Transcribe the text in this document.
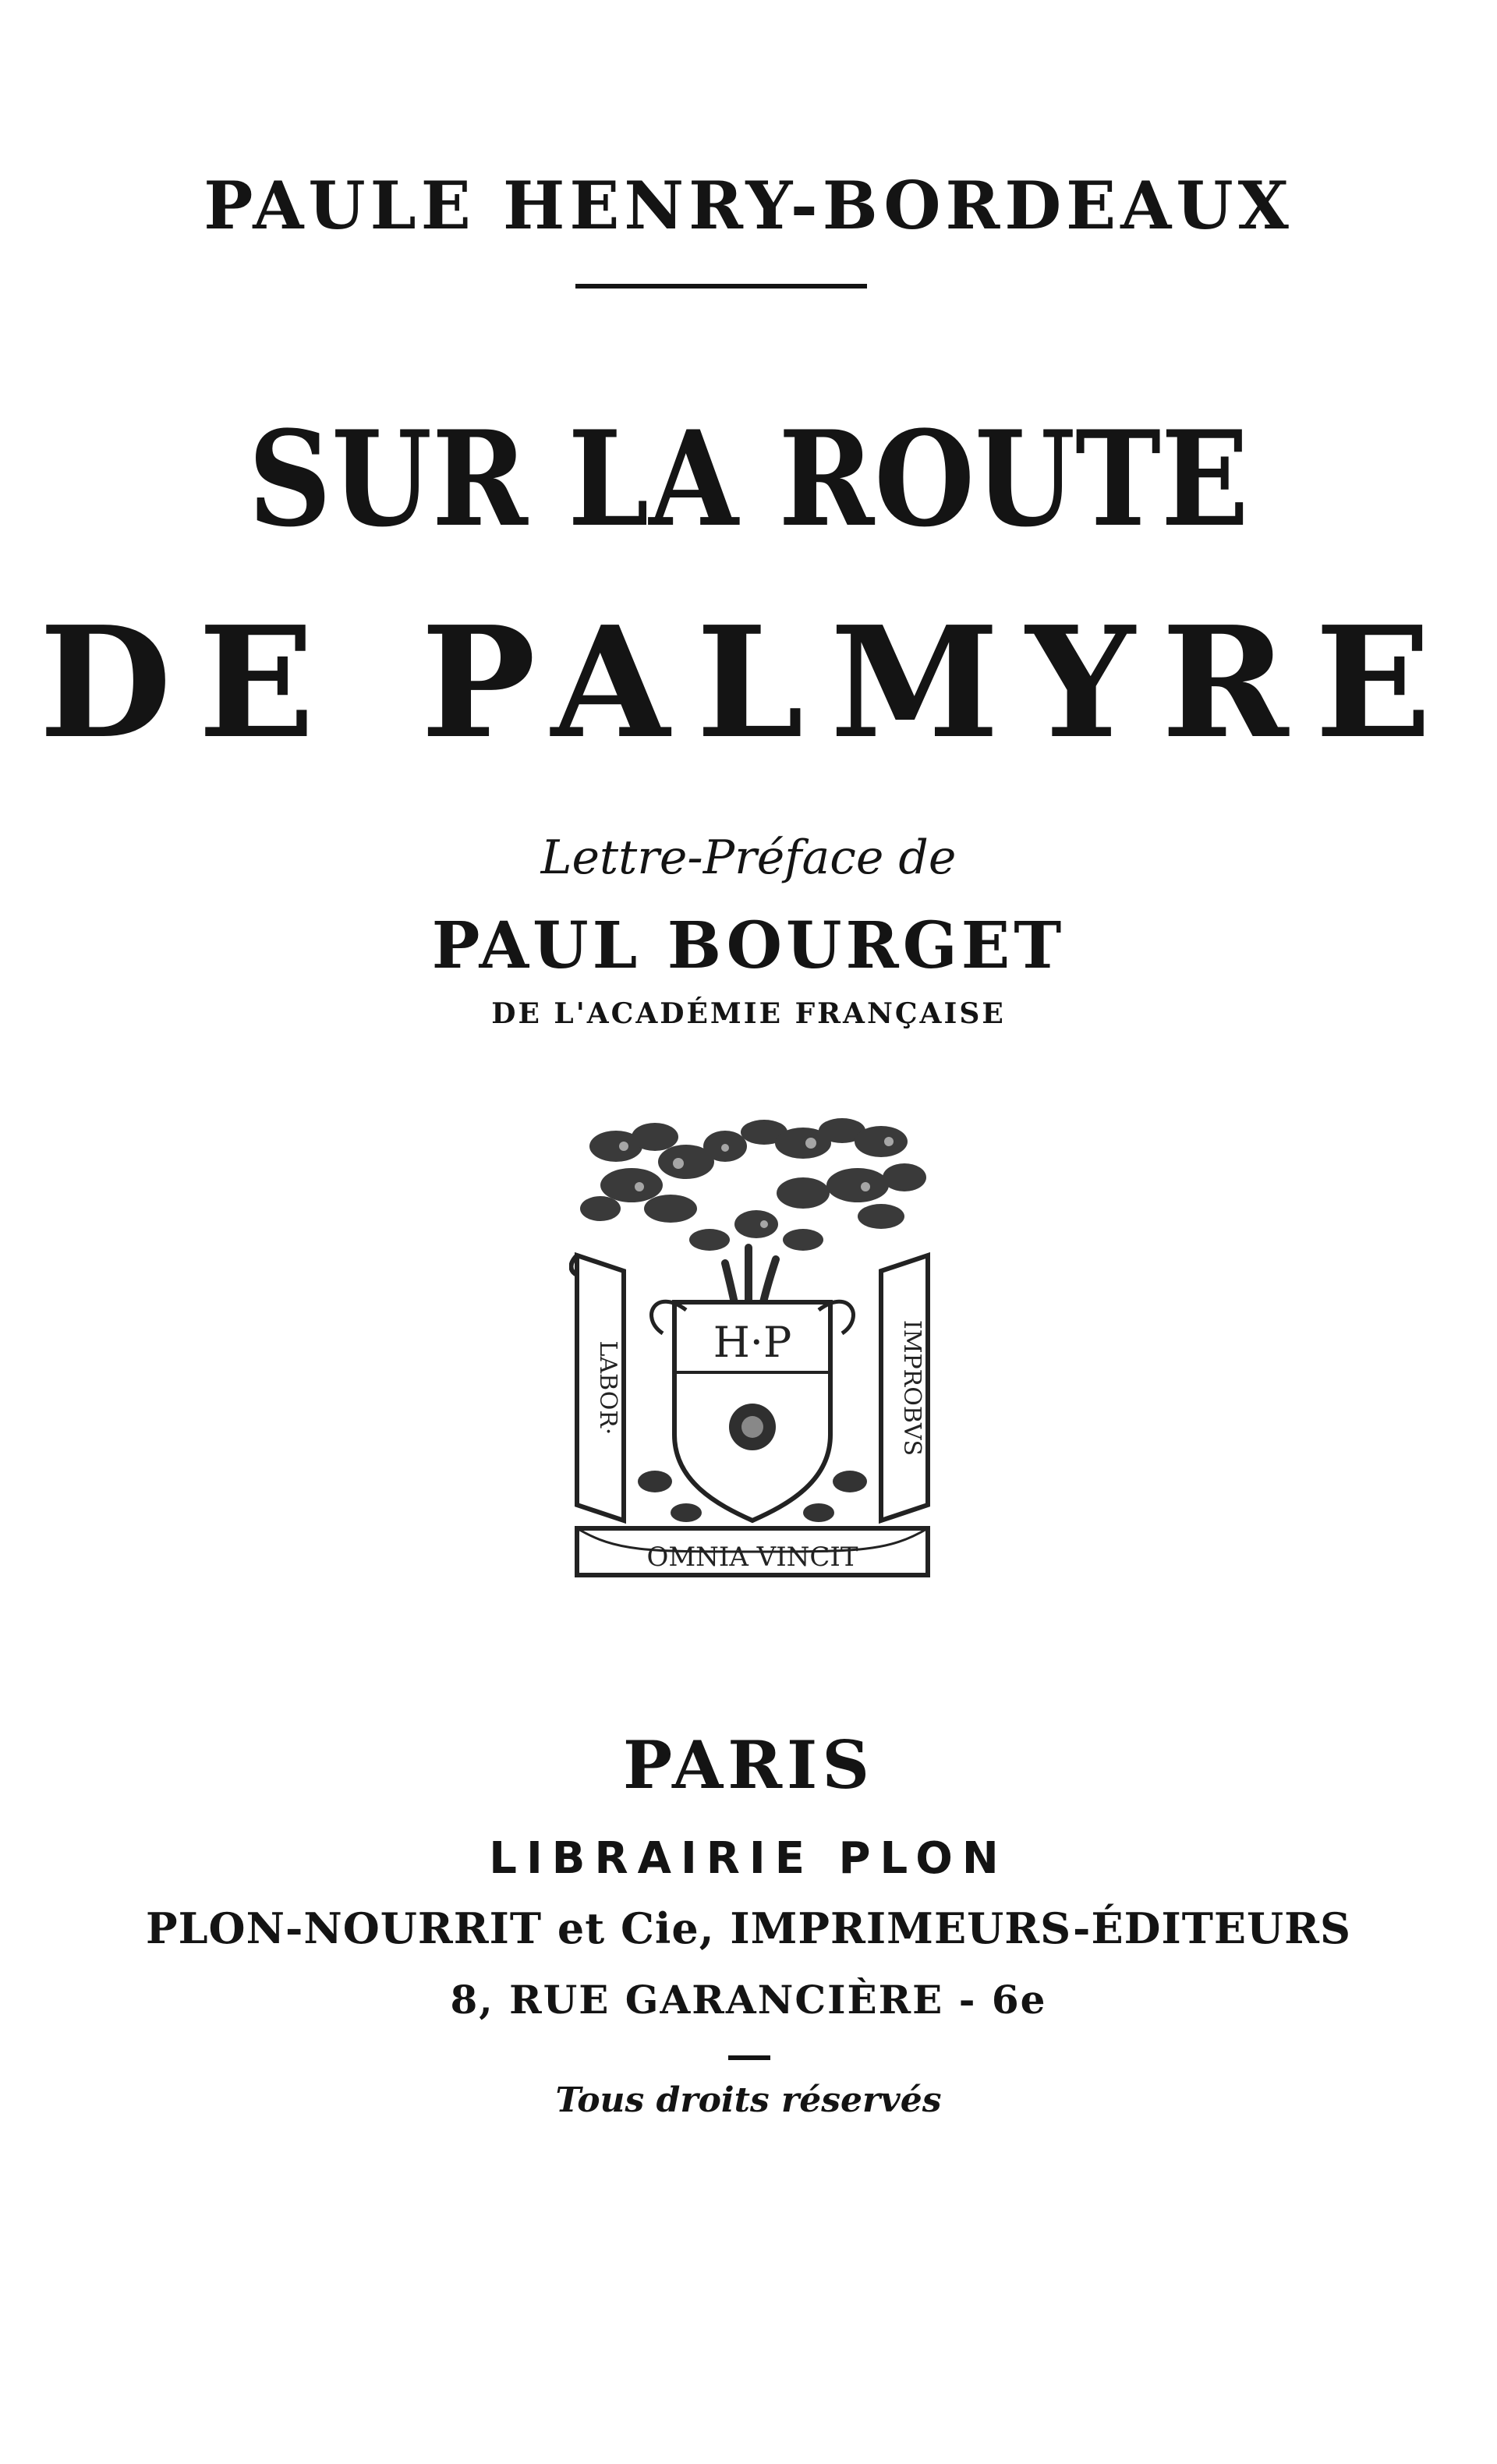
PAULE HENRY-BORDEAUX
SUR LA ROUTE
DE PALMYRE
Lettre-Préface de
PAUL BOURGET
DE L'ACADÉMIE FRANÇAISE
LABOR·	IMPROBVS
H·P
OMNIA VINCIT
PARIS
LIBRAIRIE PLON
PLON-NOURRIT et Cie, IMPRIMEURS-ÉDITEURS
8, RUE GARANCIÈRE - 6e
Tous droits réservés
